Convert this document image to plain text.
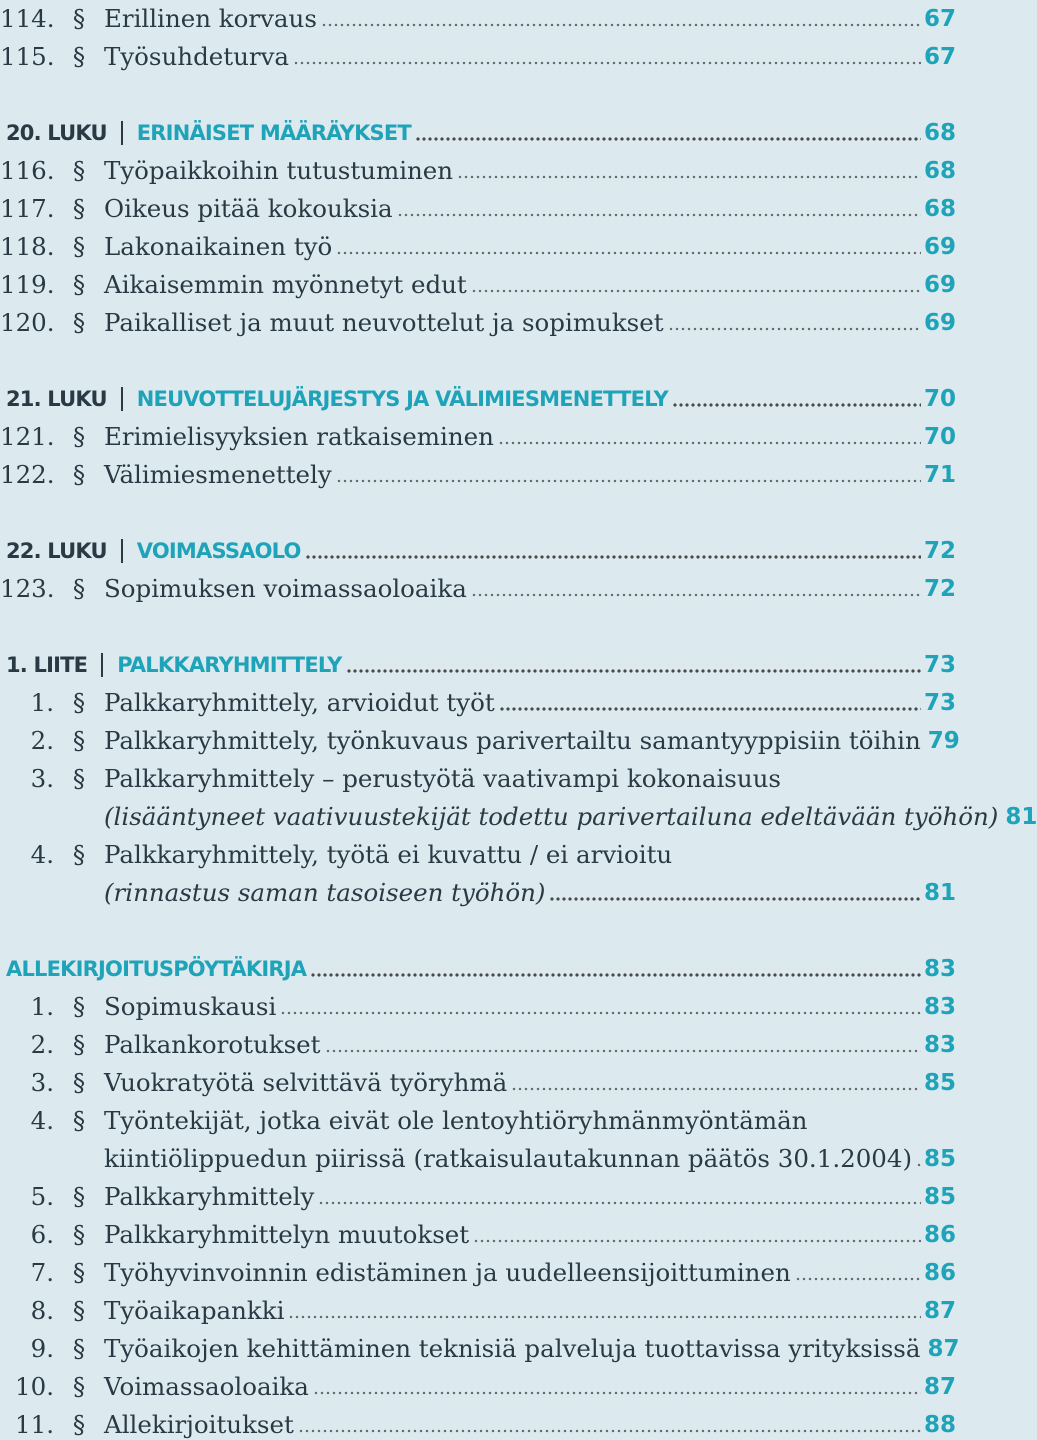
114. § Erillinen korvaus	67
115. § Työsuhdeturva	67
20. LUKU ERINÄISET MÄÄRÄYKSET	68
116. § Työpaikkoihin tutustuminen	68
117. § Oikeus pitää kokouksia	68
118. § Lakonaikainen työ	69
119. § Aikaisemmin myönnetyt edut	69
120. § Paikalliset ja muut neuvottelut ja sopimukset	69
21. LUKU NEUVOTTELUJÄRJESTYS JA VÄLIMIESMENETTELY	70
121. § Erimielisyyksien ratkaiseminen	70
122. § Välimiesmenettely	71
22. LUKU VOIMASSAOLO	72
123. § Sopimuksen voimassaoloaika	72
1. LIITE PALKKARYHMITTELY	73
1. § Palkkaryhmittely, arvioidut työt	73
2. § Palkkaryhmittely, työnkuvaus parivertailtu samantyyppisiin töihin 79
3. § Palkkaryhmittely – perustyötä vaativampi kokonaisuus
(lisääntyneet vaativuustekijät todettu parivertailuna edeltävään työhön) 81
4. § Palkkaryhmittely, työtä ei kuvattu / ei arvioitu
(rinnastus saman tasoiseen työhön)	81
ALLEKIRJOITUSPÖYTÄKIRJA	83
1. § Sopimuskausi	83
2. § Palkankorotukset	83
3. § Vuokratyötä selvittävä työryhmä	85
4. § Työntekijät, jotka eivät ole lentoyhtiöryhmänmyöntämän
kiintiölippuedun piirissä (ratkaisulautakunnan päätös 30.1.2004) 85
5. § Palkkaryhmittely	85
6. § Palkkaryhmittelyn muutokset	86
7. § Työhyvinvoinnin edistäminen ja uudelleensijoittuminen	86
8. § Työaikapankki	87
9. § Työaikojen kehittäminen teknisiä palveluja tuottavissa yrityksissä 87
10. § Voimassaoloaika	87
11. § Allekirjoitukset	88
